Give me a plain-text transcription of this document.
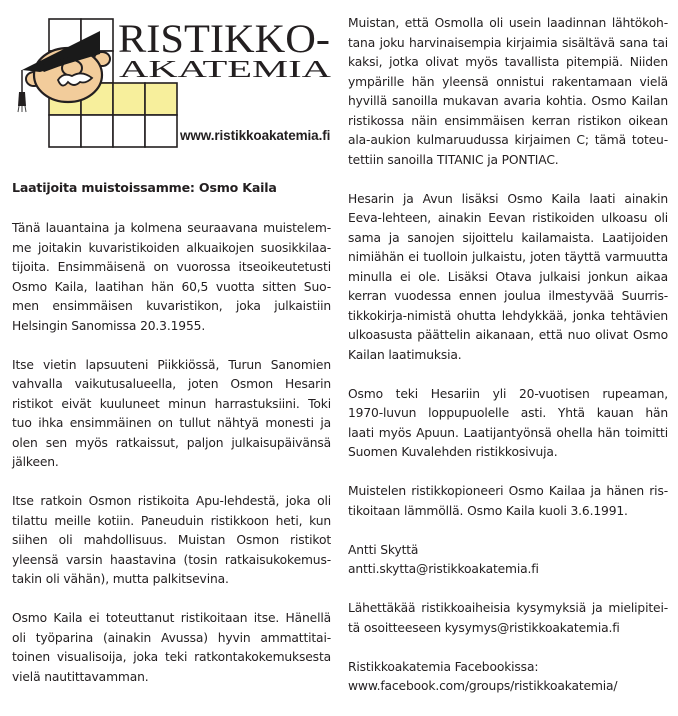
RISTIKKO-
AKATEMIA
www.ristikkoakatemia.fi
Laatijoita muistoissamme: Osmo Kaila

Tänä lauantaina ja kolmena seuraavana muistelem-
me joitakin kuvaristikoiden alkuaikojen suosikkilaa-
tijoita. Ensimmäisenä on vuorossa itseoikeutetusti
Osmo Kaila, laatihan hän 60,5 vuotta sitten Suo-
men ensimmäisen kuvaristikon, joka julkaistiin
Helsingin Sanomissa 20.3.1955.

Itse vietin lapsuuteni Piikkiössä, Turun Sanomien
vahvalla vaikutusalueella, joten Osmon Hesarin
ristikot eivät kuuluneet minun harrastuksiini. Toki
tuo ihka ensimmäinen on tullut nähtyä monesti ja
olen sen myös ratkaissut, paljon julkaisupäivänsä
jälkeen.

Itse ratkoin Osmon ristikoita Apu-lehdestä, joka oli
tilattu meille kotiin. Paneuduin ristikkoon heti, kun
siihen oli mahdollisuus. Muistan Osmon ristikot
yleensä varsin haastavina (tosin ratkaisukokemus-
takin oli vähän), mutta palkitsevina.

Osmo Kaila ei toteuttanut ristikoitaan itse. Hänellä
oli työparina (ainakin Avussa) hyvin ammattitai-
toinen visualisoija, joka teki ratkontakokemuksesta
vielä nautittavamman.

Muistan, että Osmolla oli usein laadinnan lähtökoh-
tana joku harvinaisempia kirjaimia sisältävä sana tai
kaksi, jotka olivat myös tavallista pitempiä. Niiden
ympärille hän yleensä onnistui rakentamaan vielä
hyvillä sanoilla mukavan avaria kohtia. Osmo Kailan
ristikossa näin ensimmäisen kerran ristikon oikean
ala-aukion kulmaruudussa kirjaimen C; tämä toteu-
tettiin sanoilla TITANIC ja PONTIAC.

Hesarin ja Avun lisäksi Osmo Kaila laati ainakin
Eeva-lehteen, ainakin Eevan ristikoiden ulkoasu oli
sama ja sanojen sijoittelu kailamaista. Laatijoiden
nimiähän ei tuolloin julkaistu, joten täyttä varmuutta
minulla ei ole. Lisäksi Otava julkaisi jonkun aikaa
kerran vuodessa ennen joulua ilmestyvää Suurris-
tikkokirja-nimistä ohutta lehdykkää, jonka tehtävien
ulkoasusta päättelin aikanaan, että nuo olivat Osmo
Kailan laatimuksia.

Osmo teki Hesariin yli 20-vuotisen rupeaman,
1970-luvun loppupuolelle asti. Yhtä kauan hän
laati myös Apuun. Laatijantyönsä ohella hän toimitti
Suomen Kuvalehden ristikkosivuja.

Muistelen ristikkopioneeri Osmo Kailaa ja hänen ris-
tikoitaan lämmöllä. Osmo Kaila kuoli 3.6.1991.

Antti Skyttä
antti.skytta@ristikkoakatemia.fi

Lähettäkää ristikkoaiheisia kysymyksiä ja mielipitei-
tä osoitteeseen kysymys@ristikkoakatemia.fi

Ristikkoakatemia Facebookissa:
www.facebook.com/groups/ristikkoakatemia/
